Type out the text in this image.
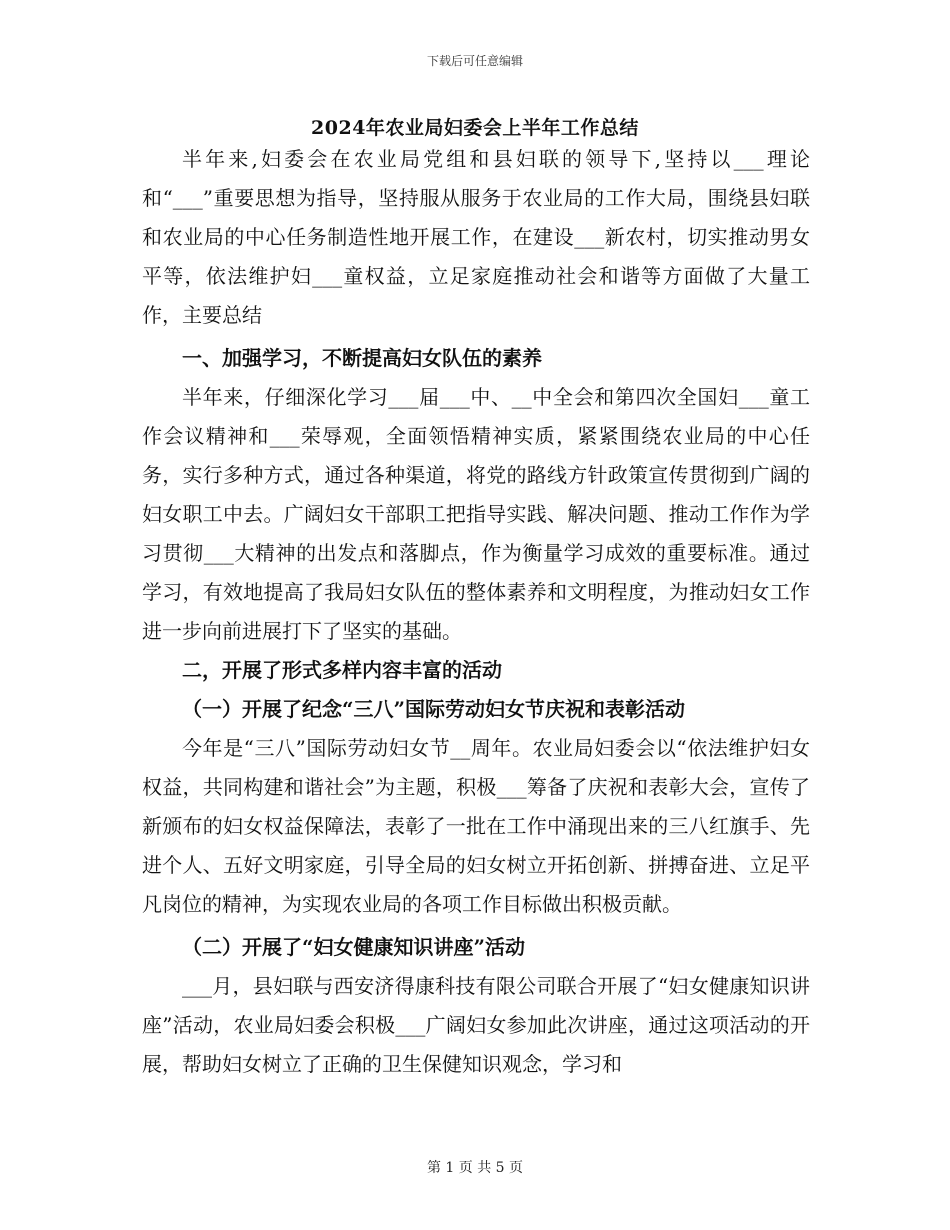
下载后可任意编辑
2024年农业局妇委会上半年工作总结

半年来,妇委会在农业局党组和县妇联的领导下,坚持以___理论和“___”重要思想为指导，坚持服从服务于农业局的工作大局，围绕县妇联和农业局的中心任务制造性地开展工作，在建设___新农村，切实推动男女平等，依法维护妇___童权益，立足家庭推动社会和谐等方面做了大量工作，主要总结

一、加强学习，不断提高妇女队伍的素养

半年来，仔细深化学习___届___中、__中全会和第四次全国妇___童工作会议精神和___荣辱观，全面领悟精神实质，紧紧围绕农业局的中心任务，实行多种方式，通过各种渠道，将党的路线方针政策宣传贯彻到广阔的妇女职工中去。广阔妇女干部职工把指导实践、解决问题、推动工作作为学习贯彻___大精神的出发点和落脚点，作为衡量学习成效的重要标准。通过学习，有效地提高了我局妇女队伍的整体素养和文明程度，为推动妇女工作进一步向前进展打下了坚实的基础。

二，开展了形式多样内容丰富的活动

（一）开展了纪念“三八”国际劳动妇女节庆祝和表彰活动

今年是“三八”国际劳动妇女节__周年。农业局妇委会以“依法维护妇女权益，共同构建和谐社会”为主题，积极___筹备了庆祝和表彰大会，宣传了新颁布的妇女权益保障法，表彰了一批在工作中涌现出来的三八红旗手、先进个人、五好文明家庭，引导全局的妇女树立开拓创新、拼搏奋进、立足平凡岗位的精神，为实现农业局的各项工作目标做出积极贡献。

（二）开展了“妇女健康知识讲座”活动

___月，县妇联与西安济得康科技有限公司联合开展了“妇女健康知识讲座”活动，农业局妇委会积极___广阔妇女参加此次讲座，通过这项活动的开展，帮助妇女树立了正确的卫生保健知识观念，学习和

第 1 页 共 5 页
